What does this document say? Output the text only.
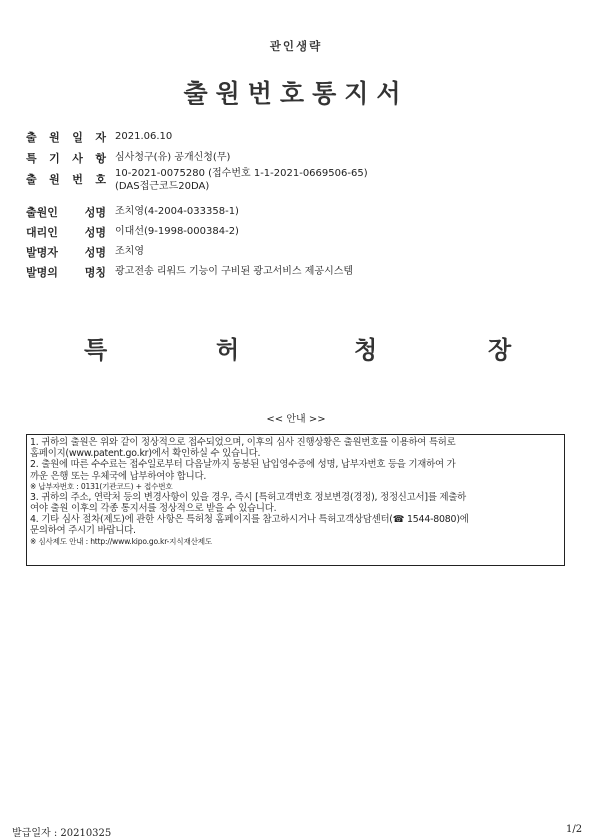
관인생략
출원번호통지서
출 원 일 자 2021.06.10
특 기 사 항 심사청구(유) 공개신청(무)
출 원 번 호 10-2021-0075280 (접수번호 1-1-2021-0669506-65)
(DAS접근코드20DA)
출원인 성명 조치영(4-2004-033358-1)
대리인 성명 이대선(9-1998-000384-2)
발명자 성명 조치영
발명의 명칭 광고전송 리워드 기능이 구비된 광고서비스 제공시스템
특	허	청	장
<< 안내 >>
1. 귀하의 출원은 위와 같이 정상적으로 접수되었으며, 이후의 심사 진행상황은 출원번호를 이용하여 특허로
홈페이지(www.patent.go.kr)에서 확인하실 수 있습니다.
2. 출원에 따른 수수료는 접수일로부터 다음날까지 동봉된 납입영수증에 성명, 납부자번호 등을 기재하여 가
까운 은행 또는 우체국에 납부하여야 합니다.
※ 납부자번호 : 0131(기관코드) + 접수번호
3. 귀하의 주소, 연락처 등의 변경사항이 있을 경우, 즉시 [특허고객번호 정보변경(경정), 정정신고서]를 제출하
여야 출원 이후의 각종 통지서를 정상적으로 받을 수 있습니다.
4. 기타 심사 절차(제도)에 관한 사항은 특허청 홈페이지를 참고하시거나 특허고객상담센터(☎ 1544-8080)에
문의하여 주시기 바랍니다.
※ 심사제도 안내 : http://www.kipo.go.kr-지식재산제도
발급일자 : 20210325	1/2
